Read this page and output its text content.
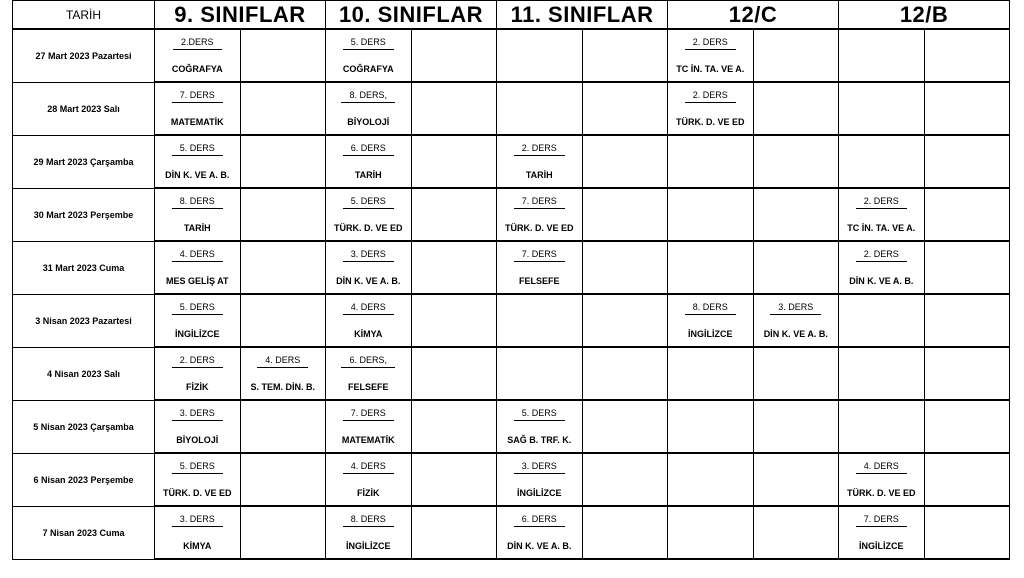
TARİH	9. SINIFLAR		10. SINIFLAR		11. SINIFLAR		12/C		12/B	
27 Mart 2023 Pazartesi	2.DERS		5. DERS				2. DERS			
	COĞRAFYA		COĞRAFYA				TC İN. TA. VE A.			
28 Mart 2023 Salı	7. DERS		8. DERS,				2. DERS			
	MATEMATİK		BİYOLOJİ				TÜRK. D. VE ED			
29 Mart 2023 Çarşamba	5. DERS		6. DERS		2. DERS					
	DİN K. VE A. B.		TARİH		TARİH					
30 Mart 2023 Perşembe	8. DERS		5. DERS		7. DERS				2. DERS	
	TARİH		TÜRK. D. VE ED		TÜRK. D. VE ED				TC İN. TA. VE A.	
31 Mart 2023 Cuma	4. DERS		3. DERS		7. DERS				2. DERS	
	MES GELİŞ AT		DİN K. VE A. B.		FELSEFE				DİN K. VE A. B.	
3 Nisan 2023 Pazartesi	5. DERS		4. DERS				8. DERS	3. DERS		
	İNGİLİZCE		KİMYA				İNGİLİZCE	DİN K. VE A. B.		
4 Nisan 2023 Salı	2. DERS	4. DERS	6. DERS,							
	FİZİK	S. TEM. DİN. B.	FELSEFE							
5 Nisan 2023 Çarşamba	3. DERS		7. DERS		5. DERS					
	BİYOLOJİ		MATEMATİK		SAĞ B. TRF. K.					
6 Nisan 2023 Perşembe	5. DERS		4. DERS		3. DERS				4. DERS	
	TÜRK. D. VE ED		FİZİK		İNGİLİZCE				TÜRK. D. VE ED	
7 Nisan 2023 Cuma	3. DERS		8. DERS		6. DERS				7. DERS	
	KİMYA		İNGİLİZCE		DİN K. VE A. B.				İNGİLİZCE	
